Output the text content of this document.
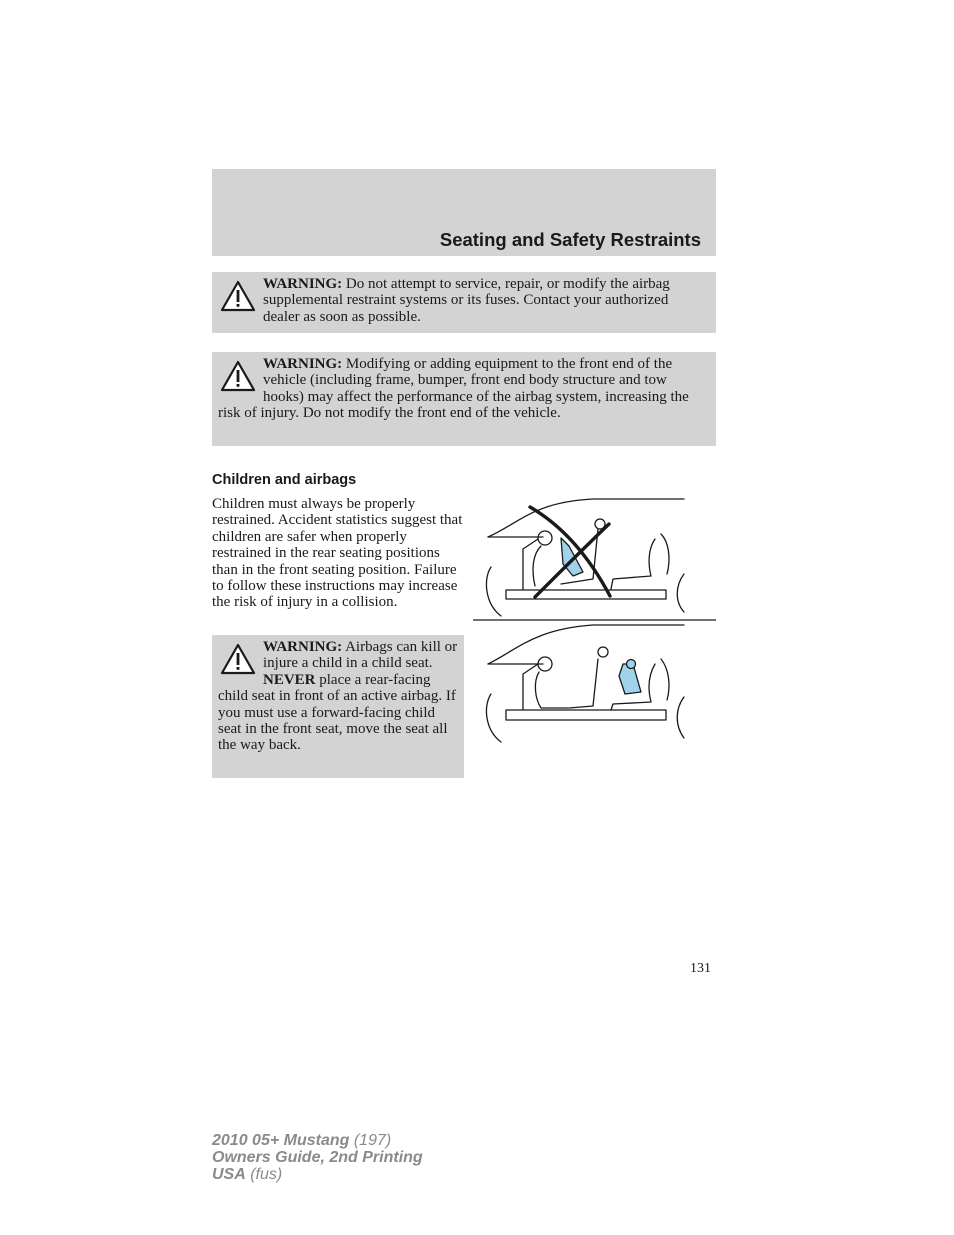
Seating and Safety Restraints
WARNING: Do not attempt to service, repair, or modify the airbag supplemental restraint systems or its fuses. Contact your authorized dealer as soon as possible.
WARNING: Modifying or adding equipment to the front end of the vehicle (including frame, bumper, front end body structure and tow hooks) may affect the performance of the airbag system, increasing the risk of injury. Do not modify the front end of the vehicle.
Children and airbags

Children must always be properly restrained. Accident statistics suggest that children are safer when properly restrained in the rear seating positions than in the front seating position. Failure to follow these instructions may increase the risk of injury in a collision.

WARNING: Airbags can kill or injure a child in a child seat. NEVER place a rear-facing child seat in front of an active airbag. If you must use a forward-facing child seat in the front seat, move the seat all the way back.
131
2010 05+ Mustang (197)
Owners Guide, 2nd Printing
USA (fus)
